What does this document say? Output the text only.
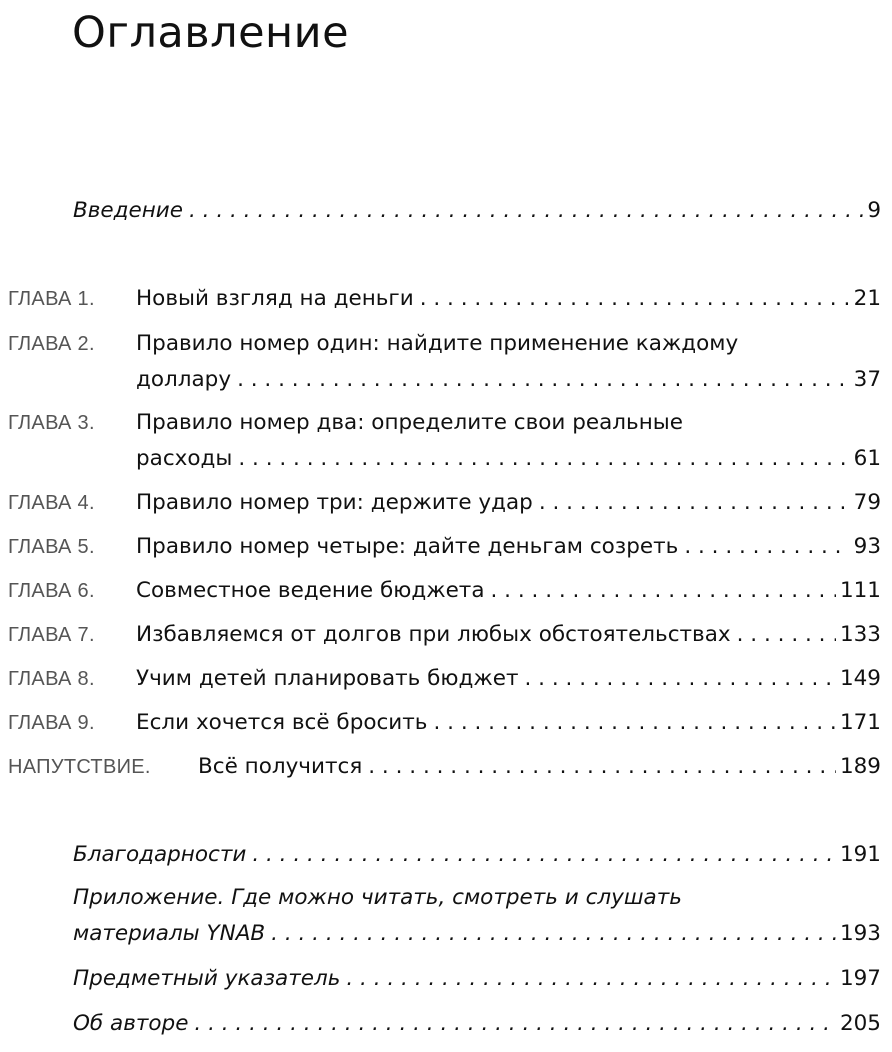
Оглавление
Введение . . .	9
ГЛАВА 1. Новый взгляд на деньги . . .	21
ГЛАВА 2. Правило номер один: найдите применение каждому
доллару . . .	37
ГЛАВА 3. Правило номер два: определите свои реальные
расходы . . .	61
ГЛАВА 4. Правило номер три: держите удар . . .	79
ГЛАВА 5. Правило номер четыре: дайте деньгам созреть . . .	93
ГЛАВА 6. Совместное ведение бюджета . . .	111
ГЛАВА 7. Избавляемся от долгов при любых обстоятельствах . . .	133
ГЛАВА 8. Учим детей планировать бюджет . . .	149
ГЛАВА 9. Если хочется всё бросить . . .	171
НАПУТСТВИЕ. Всё получится . . .	189
Благодарности . . .	191
Приложение. Где можно читать, смотреть и слушать
материалы YNAB . . .	193
Предметный указатель . . .	197
Об авторе . . .	205
